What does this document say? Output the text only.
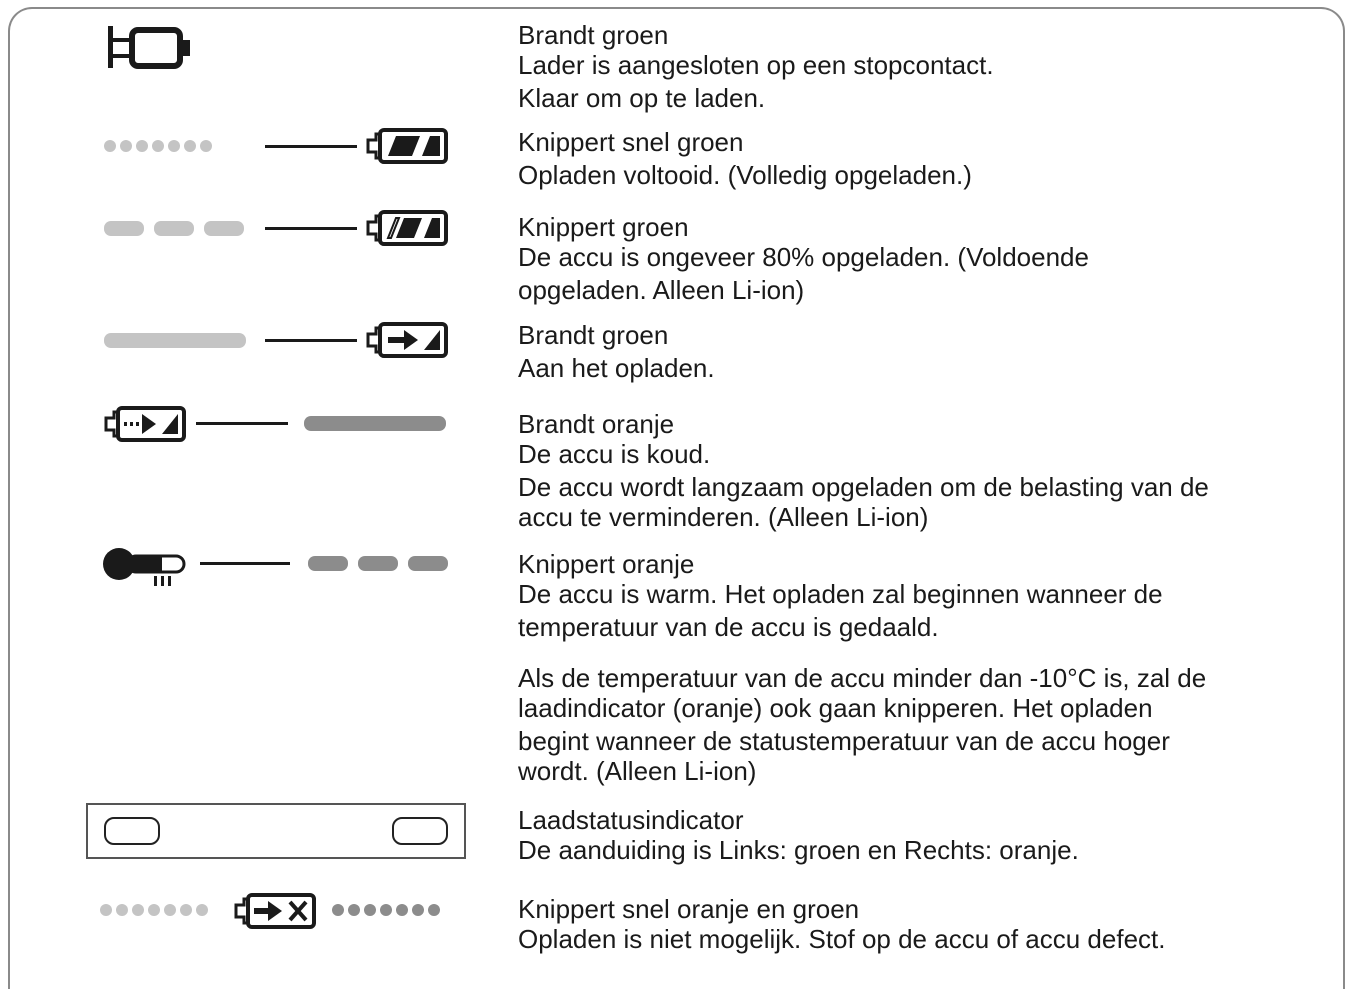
Brandt groen
Lader is aangesloten op een stopcontact.
Klaar om op te laden.
Knippert snel groen
Opladen voltooid. (Volledig opgeladen.)
Knippert groen
De accu is ongeveer 80% opgeladen. (Voldoende
opgeladen. Alleen Li-ion)
Brandt groen
Aan het opladen.
Brandt oranje
De accu is koud.
De accu wordt langzaam opgeladen om de belasting van de
accu te verminderen. (Alleen Li-ion)
Knippert oranje
De accu is warm. Het opladen zal beginnen wanneer de
temperatuur van de accu is gedaald.
Als de temperatuur van de accu minder dan -10°C is, zal de
laadindicator (oranje) ook gaan knipperen. Het opladen
begint wanneer de statustemperatuur van de accu hoger
wordt. (Alleen Li-ion)
Laadstatusindicator
De aanduiding is Links: groen en Rechts: oranje.
Knippert snel oranje en groen
Opladen is niet mogelijk. Stof op de accu of accu defect.
